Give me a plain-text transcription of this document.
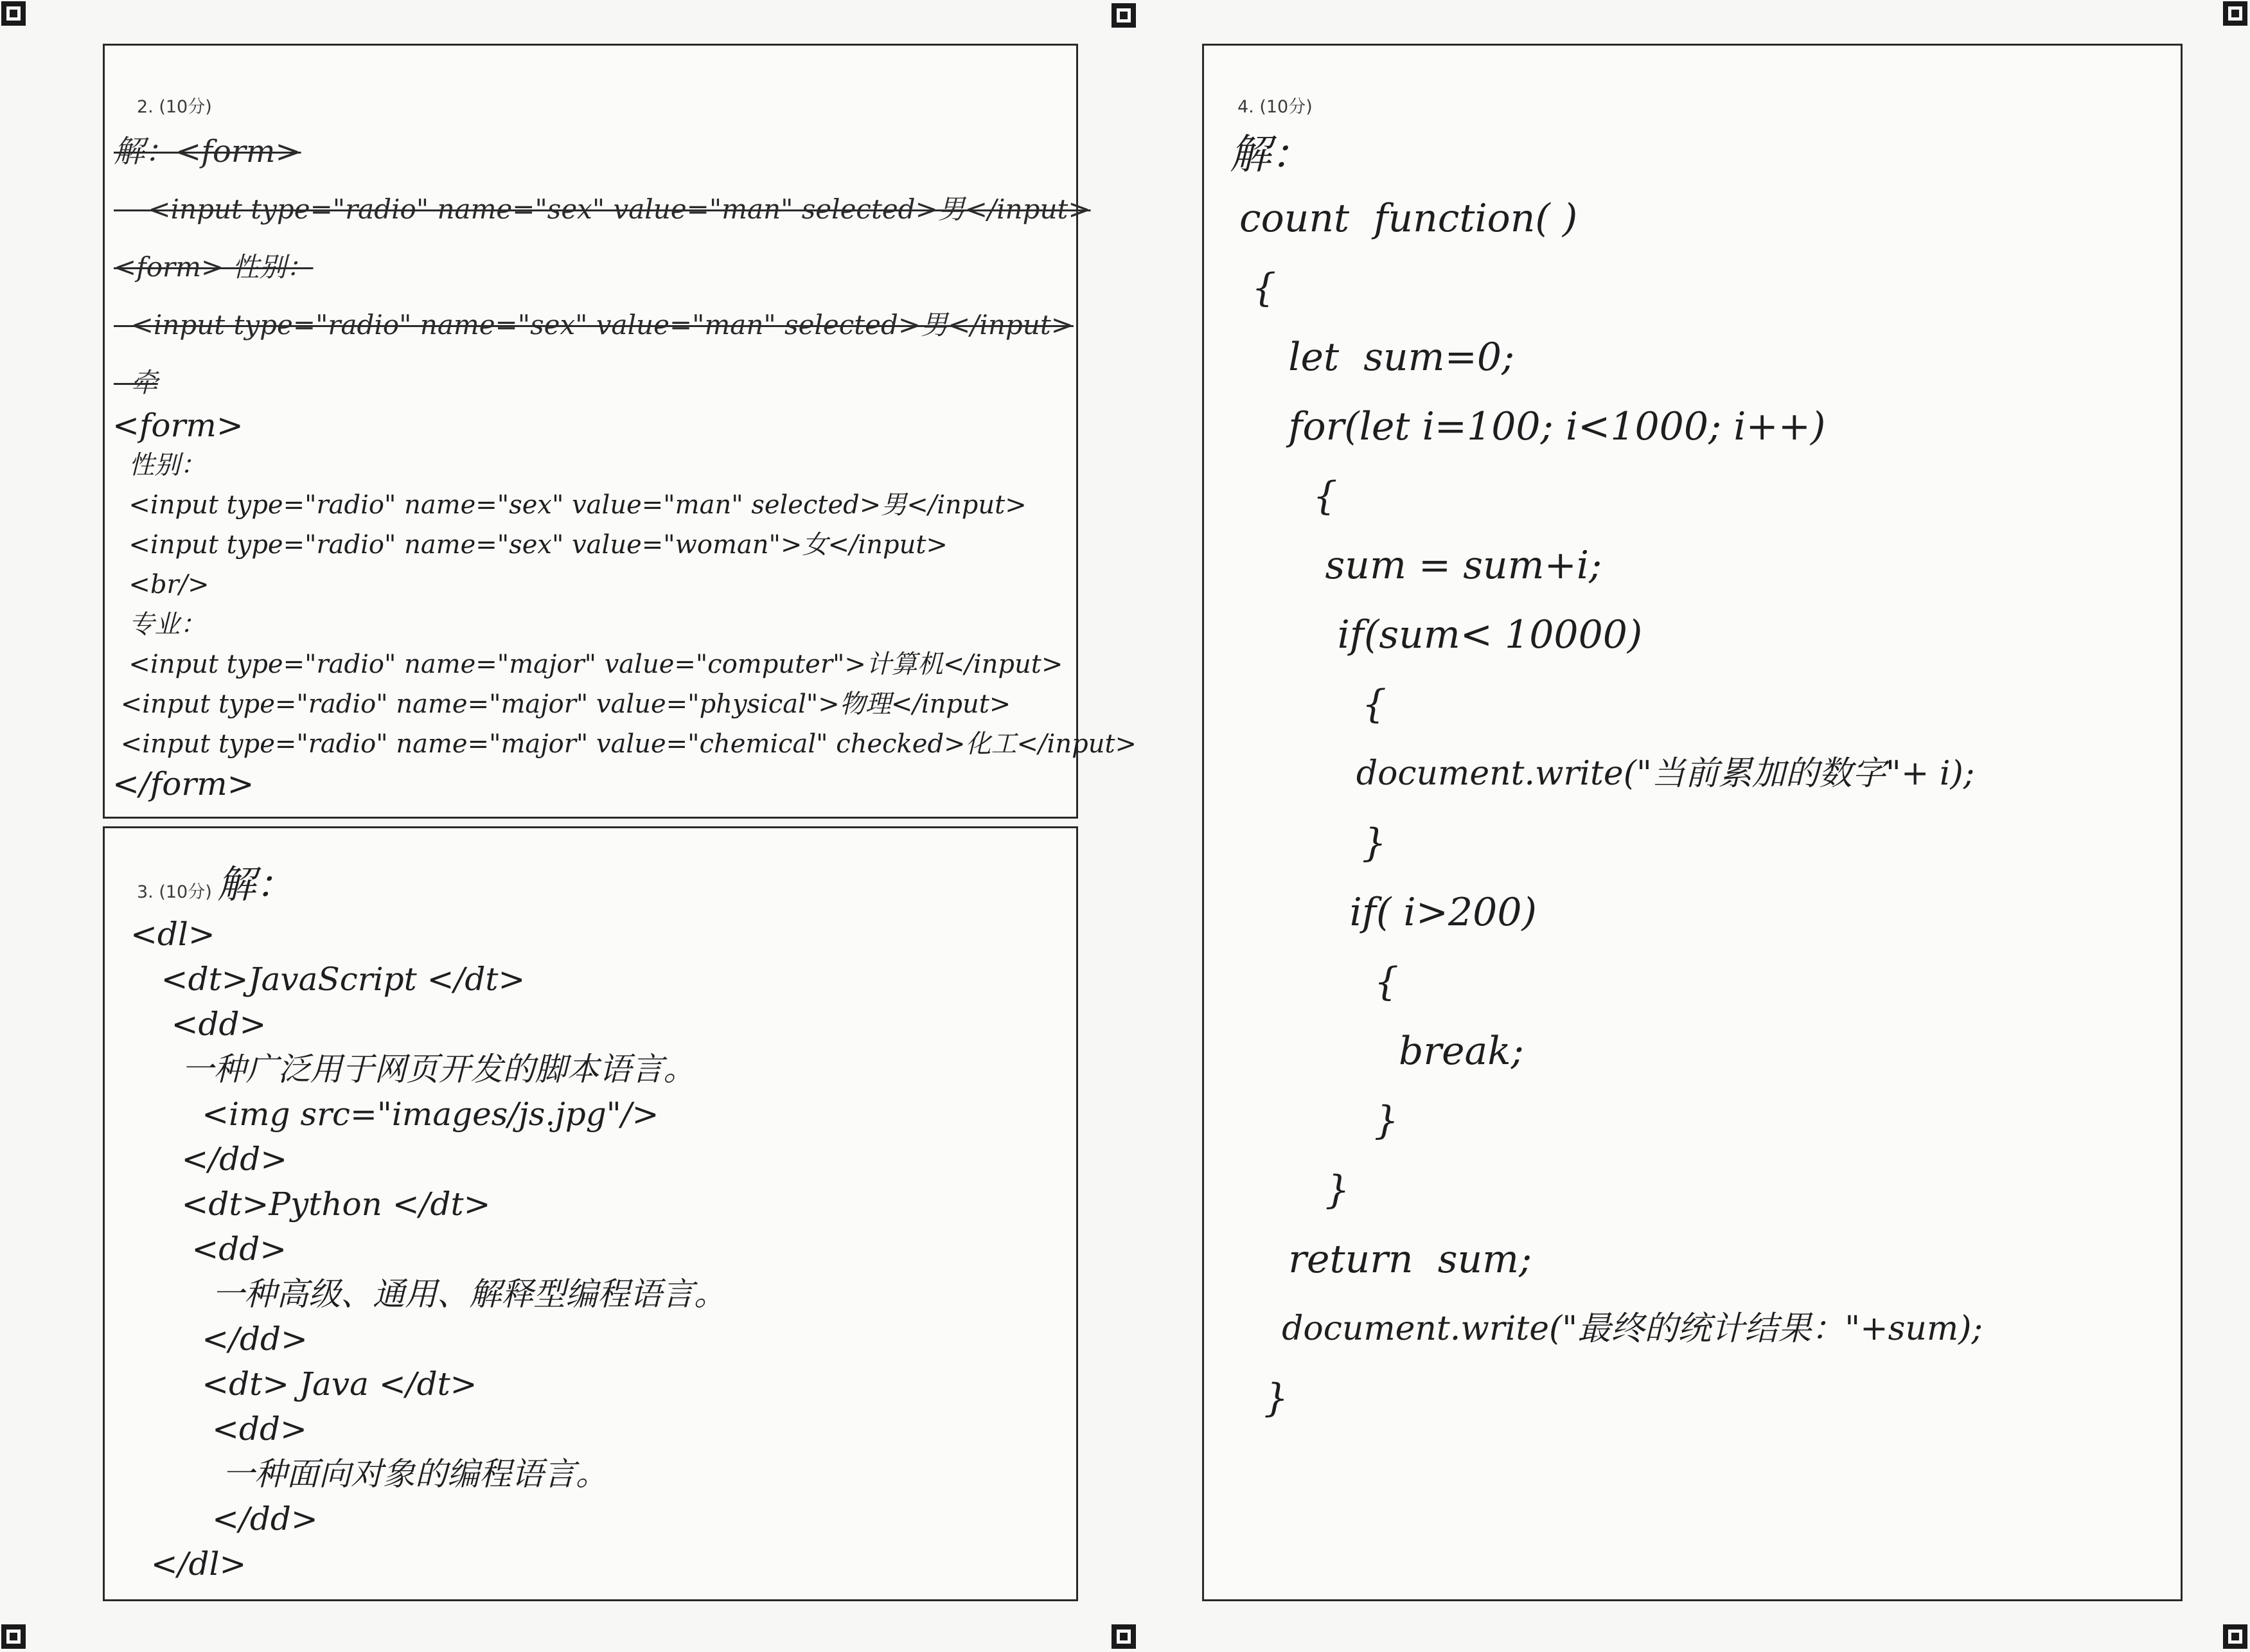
2. (10分)
解：<form>
<input type="radio" name="sex" value="man" selected>男</input>
<form> 性别：
<input type="radio" name="sex" value="man" selected>男</input>
牵
<form>
性别：
<input type="radio" name="sex" value="man" selected>男</input>
<input type="radio" name="sex" value="woman">女</input>
<br/>
专业：
<input type="radio" name="major" value="computer">计算机</input>
<input type="radio" name="major" value="physical">物理</input>
<input type="radio" name="major" value="chemical" checked>化工</input>
</form>
3. (10分) 解：
<dl>
<dt>JavaScript </dt>
<dd>
一种广泛用于网页开发的脚本语言。
<img src="images/js.jpg"/>
</dd>
<dt>Python </dt>
<dd>
一种高级、通用、解释型编程语言。
</dd>
<dt> Java </dt>
<dd>
一种面向对象的编程语言。
</dd>
</dl>
4. (10分)
解：
count  function( )
{
let  sum=0;
for(let i=100; i<1000; i++)
{
sum = sum+i;
if(sum< 10000)
{
document.write("当前累加的数字"+ i);
}
if( i>200)
{
break;
}
}
return  sum;
document.write("最终的统计结果："+sum);
}
